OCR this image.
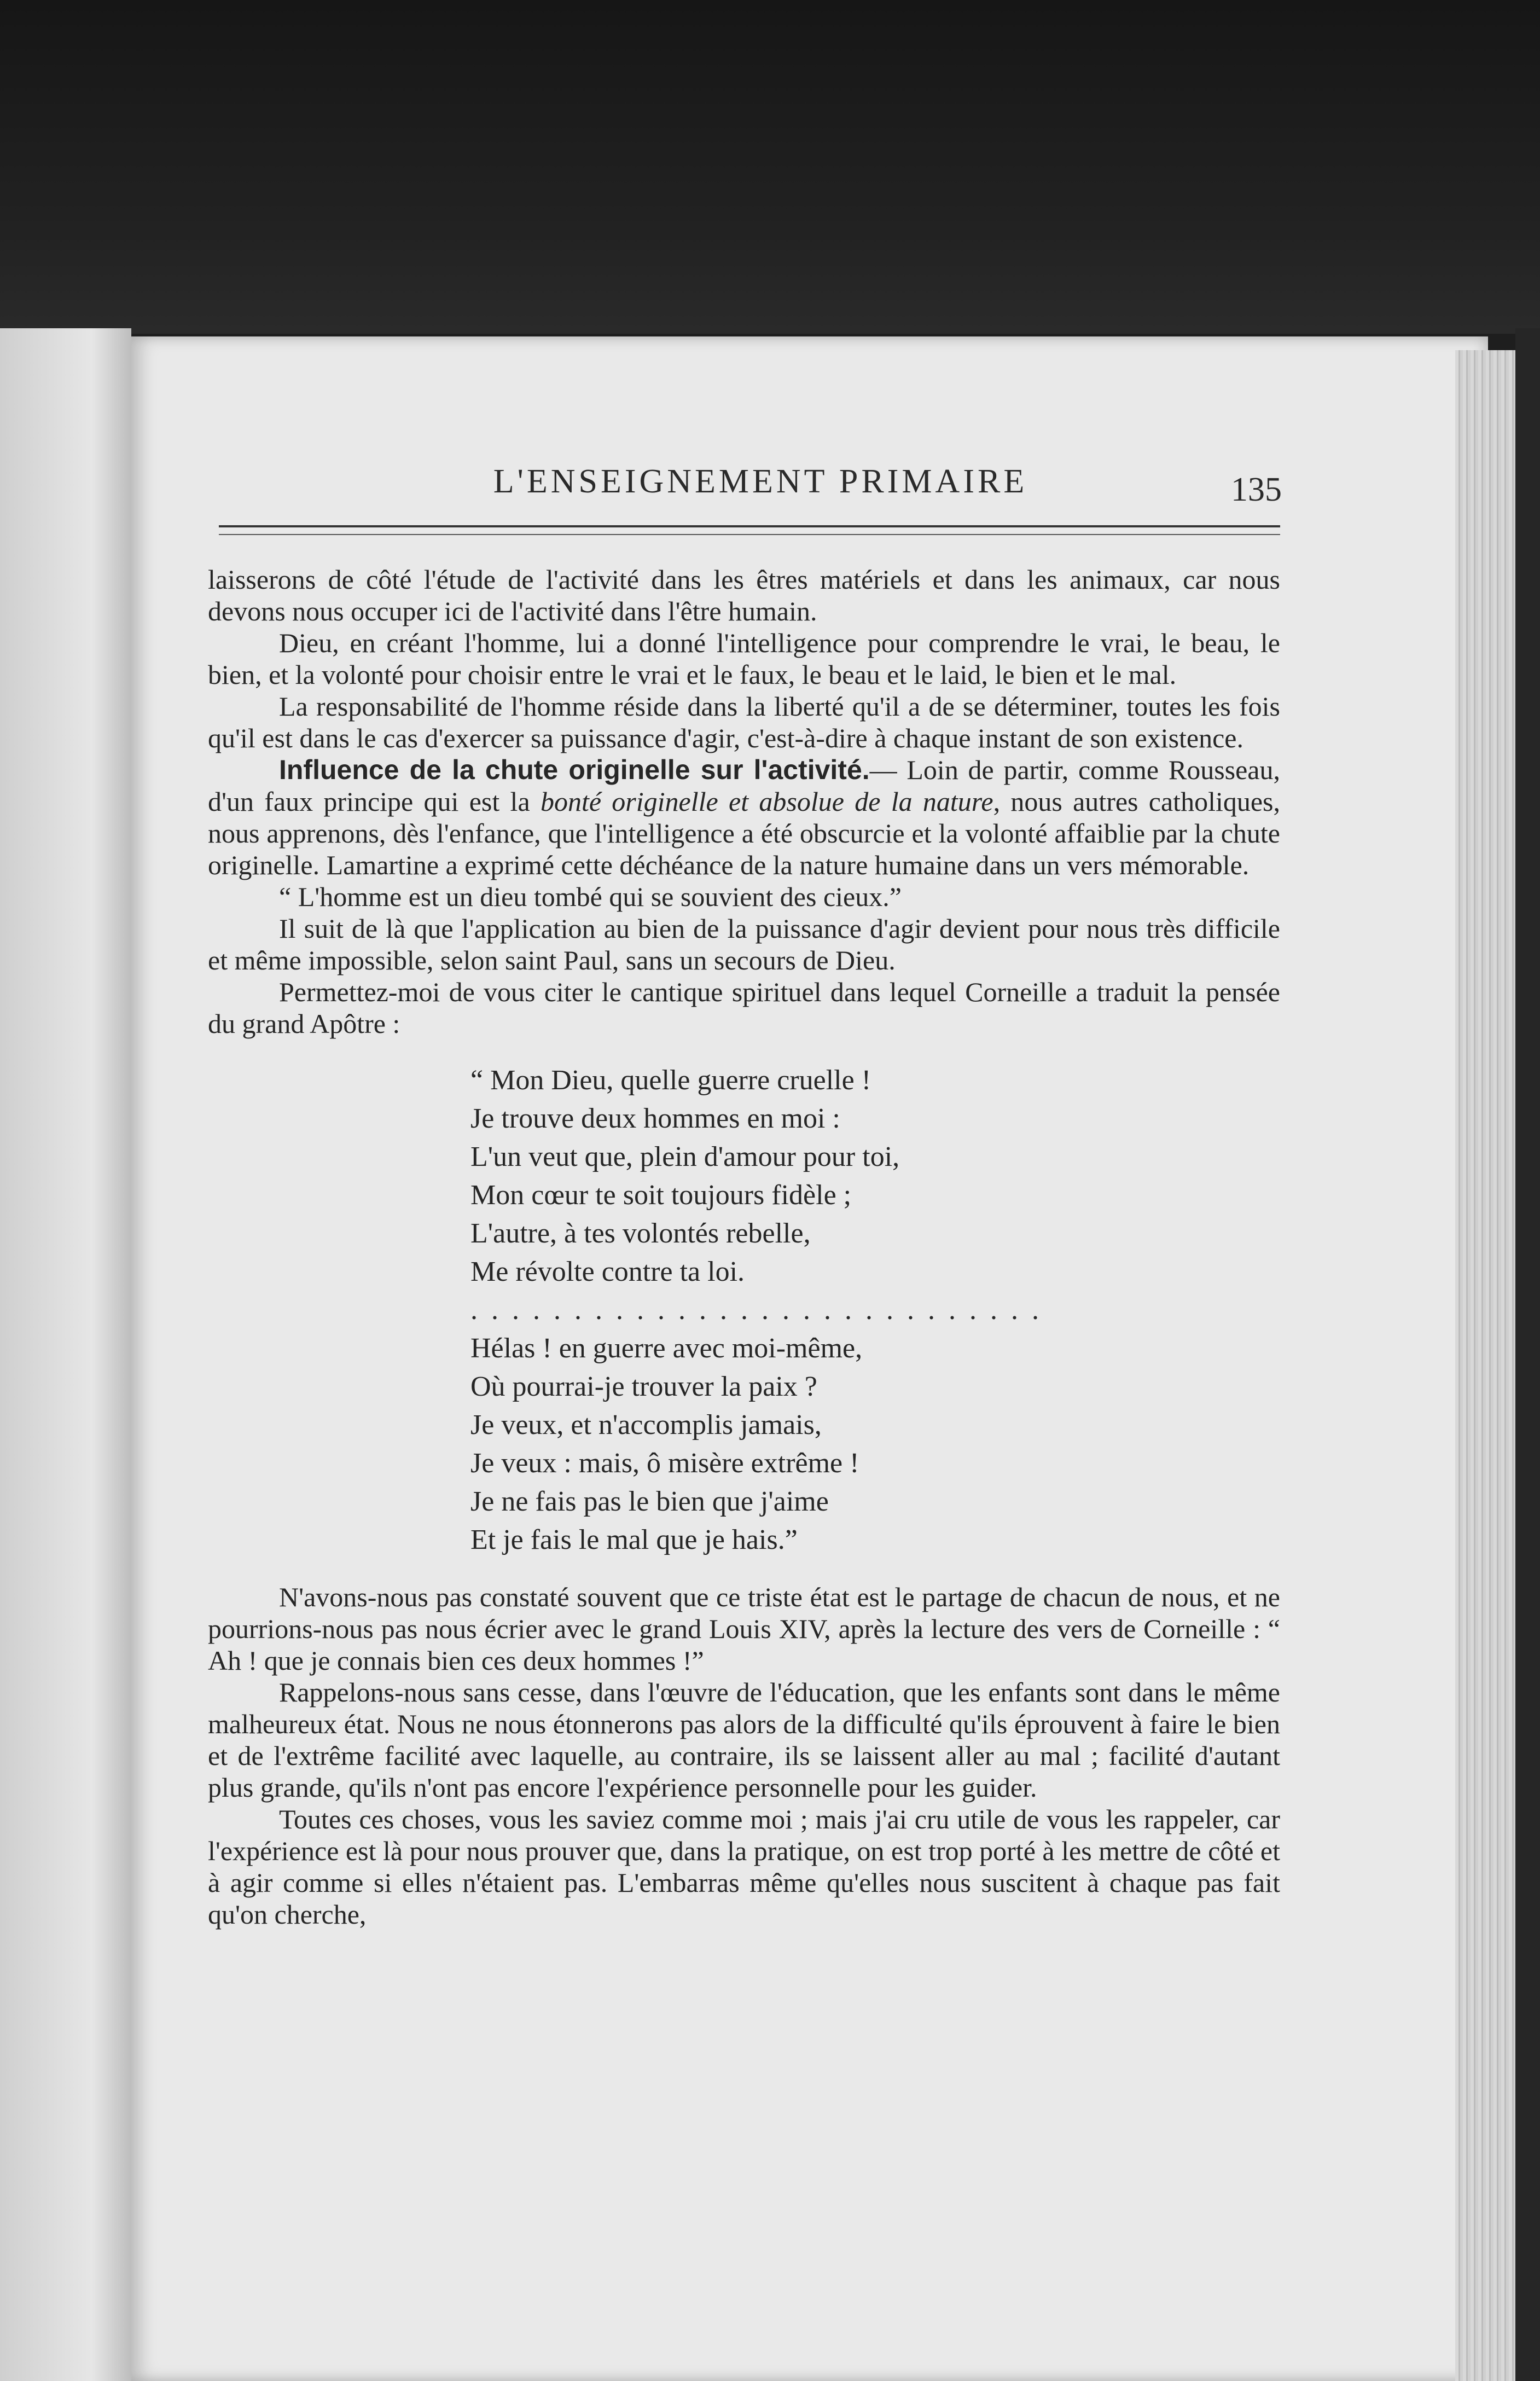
L'ENSEIGNEMENT PRIMAIRE	135

laisserons de côté l'étude de l'activité dans les êtres matériels et dans les animaux, car nous devons nous occuper ici de l'activité dans l'être humain.

Dieu, en créant l'homme, lui a donné l'intelligence pour comprendre le vrai, le beau, le bien, et la volonté pour choisir entre le vrai et le faux, le beau et le laid, le bien et le mal.

La responsabilité de l'homme réside dans la liberté qu'il a de se déterminer, toutes les fois qu'il est dans le cas d'exercer sa puissance d'agir, c'est-à-dire à chaque instant de son existence.

Influence de la chute originelle sur l'activité.— Loin de partir, comme Rousseau, d'un faux principe qui est la bonté originelle et absolue de la nature, nous autres catholiques, nous apprenons, dès l'enfance, que l'intelligence a été obscurcie et la volonté affaiblie par la chute originelle. Lamartine a exprimé cette déchéance de la nature humaine dans un vers mémorable.

“ L'homme est un dieu tombé qui se souvient des cieux.”

Il suit de là que l'application au bien de la puissance d'agir devient pour nous très difficile et même impossible, selon saint Paul, sans un secours de Dieu.

Permettez-moi de vous citer le cantique spirituel dans lequel Corneille a traduit la pensée du grand Apôtre :

“ Mon Dieu, quelle guerre cruelle !
Je trouve deux hommes en moi :
L'un veut que, plein d'amour pour toi,
Mon cœur te soit toujours fidèle ;
L'autre, à tes volontés rebelle,
Me révolte contre ta loi.
. . . . . . . . . . . . . . . . . . . . . . . . . . . .
Hélas ! en guerre avec moi-même,
Où pourrai-je trouver la paix ?
Je veux, et n'accomplis jamais,
Je veux : mais, ô misère extrême !
Je ne fais pas le bien que j'aime
Et je fais le mal que je hais.”

N'avons-nous pas constaté souvent que ce triste état est le partage de chacun de nous, et ne pourrions-nous pas nous écrier avec le grand Louis XIV, après la lecture des vers de Corneille : “ Ah ! que je connais bien ces deux hommes !”

Rappelons-nous sans cesse, dans l'œuvre de l'éducation, que les enfants sont dans le même malheureux état. Nous ne nous étonnerons pas alors de la difficulté qu'ils éprouvent à faire le bien et de l'extrême facilité avec laquelle, au contraire, ils se laissent aller au mal ; facilité d'autant plus grande, qu'ils n'ont pas encore l'expérience personnelle pour les guider.

Toutes ces choses, vous les saviez comme moi ; mais j'ai cru utile de vous les rappeler, car l'expérience est là pour nous prouver que, dans la pratique, on est trop porté à les mettre de côté et à agir comme si elles n'étaient pas. L'embarras même qu'elles nous suscitent à chaque pas fait qu'on cherche,
